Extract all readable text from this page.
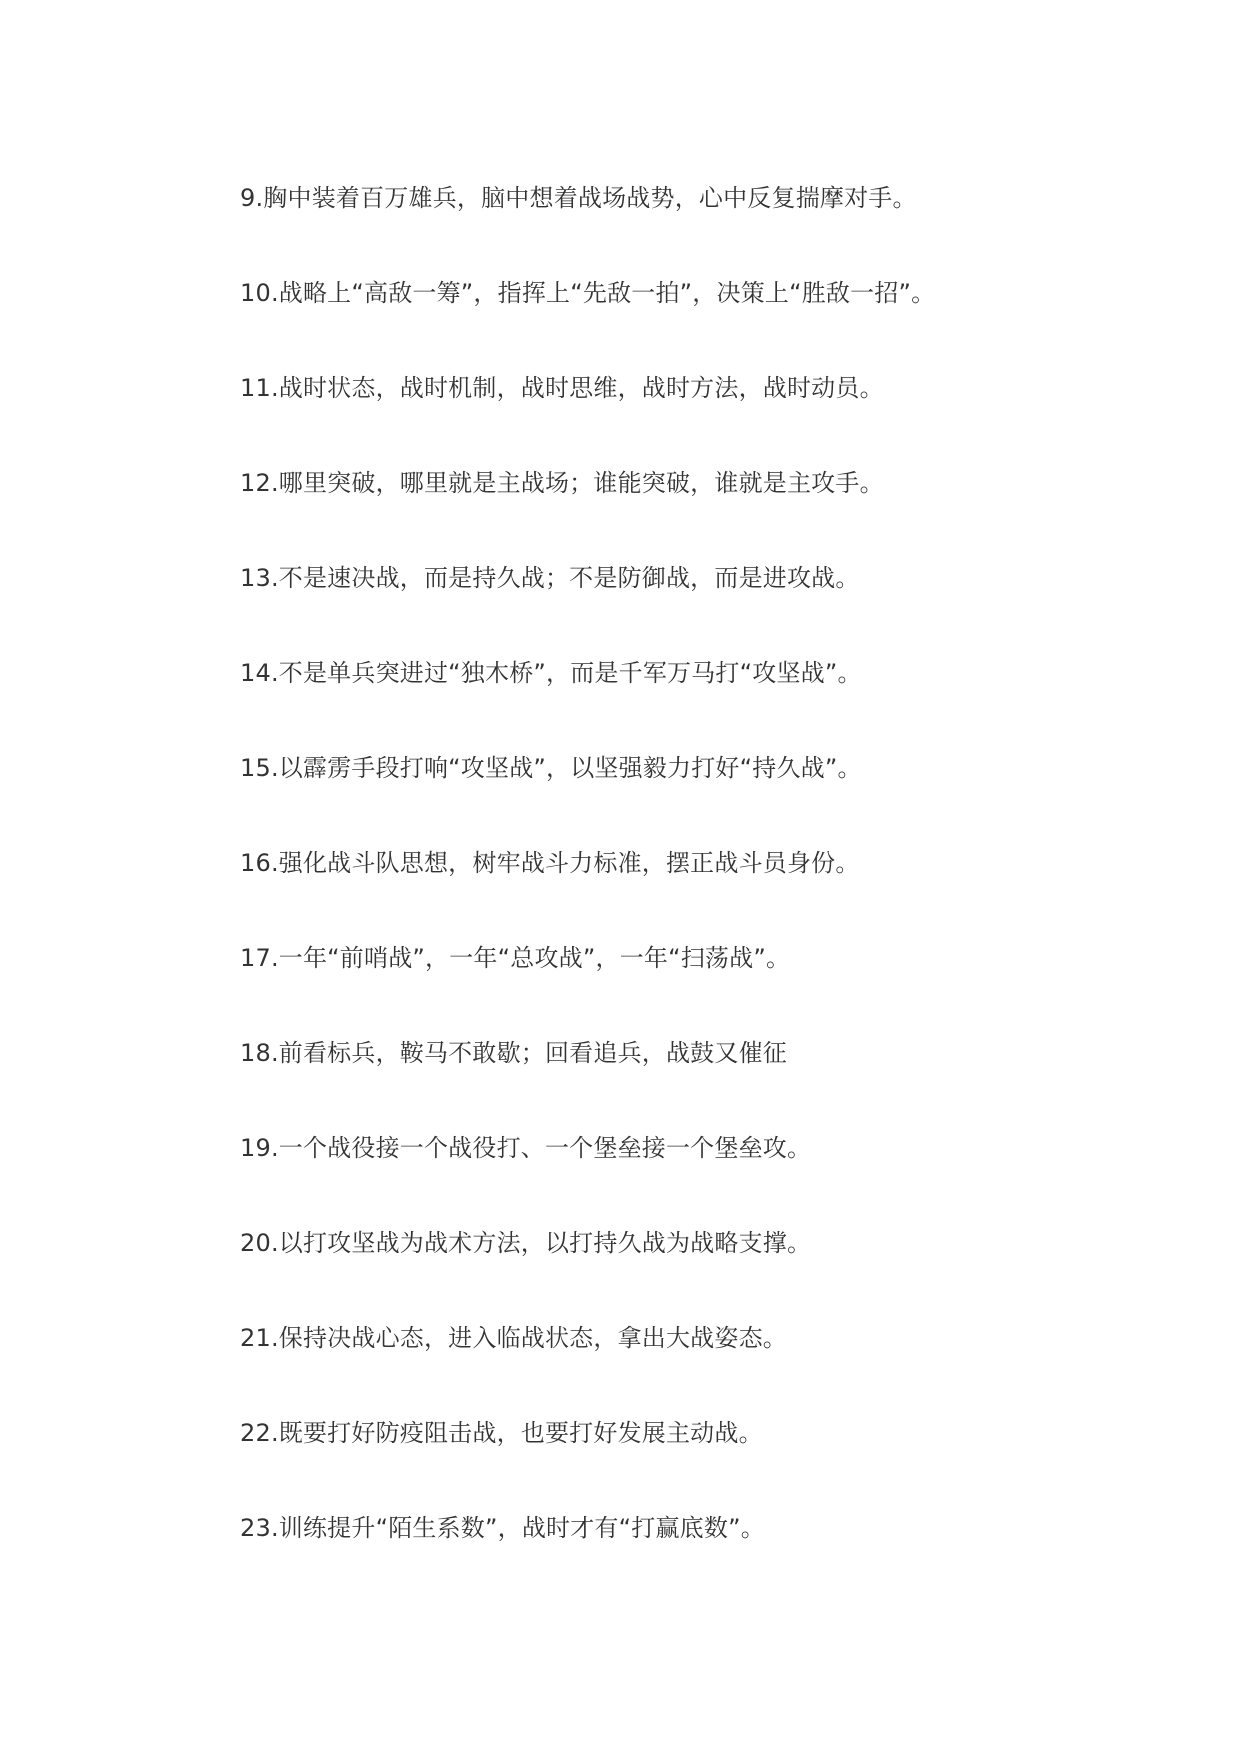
9.胸中装着百万雄兵，脑中想着战场战势，心中反复揣摩对手。
10.战略上“高敌一筹”，指挥上“先敌一拍”，决策上“胜敌一招”。
11.战时状态，战时机制，战时思维，战时方法，战时动员。
12.哪里突破，哪里就是主战场；谁能突破，谁就是主攻手。
13.不是速决战，而是持久战；不是防御战，而是进攻战。
14.不是单兵突进过“独木桥”，而是千军万马打“攻坚战”。
15.以霹雳手段打响“攻坚战”，以坚强毅力打好“持久战”。
16.强化战斗队思想，树牢战斗力标准，摆正战斗员身份。
17.一年“前哨战”，一年“总攻战”，一年“扫荡战”。
18.前看标兵，鞍马不敢歇；回看追兵，战鼓又催征
19.一个战役接一个战役打、一个堡垒接一个堡垒攻。
20.以打攻坚战为战术方法，以打持久战为战略支撑。
21.保持决战心态，进入临战状态，拿出大战姿态。
22.既要打好防疫阻击战，也要打好发展主动战。
23.训练提升“陌生系数”，战时才有“打赢底数”。
